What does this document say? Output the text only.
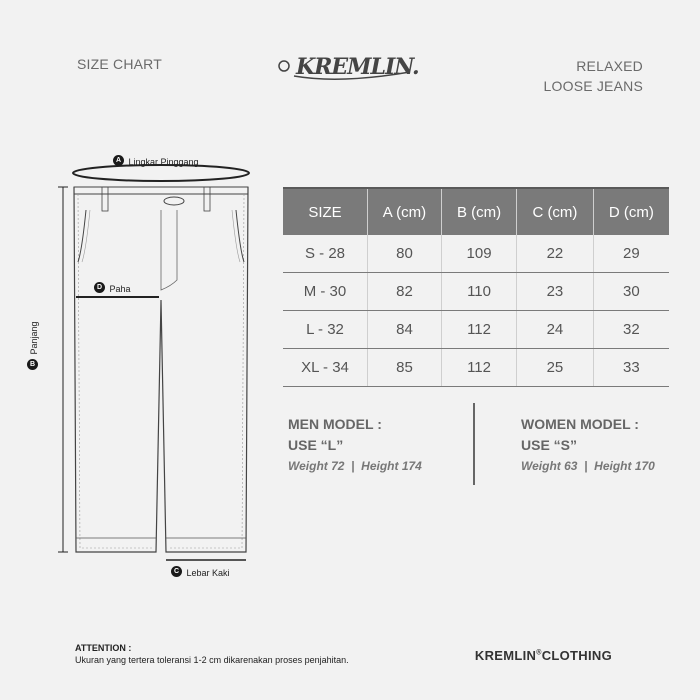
SIZE CHART	KREMLIN.	RELAXED
LOOSE JEANS
A Lingkar Pinggang
D Paha
B Panjang
C Lebar Kaki
SIZE	A (cm)	B (cm)	C (cm)	D (cm)
S - 28	80	109	22	29
M - 30	82	110	23	30
L - 32	84	112	24	32
XL - 34	85	112	25	33
MEN MODEL :
USE “L”
Weight 72  |  Height 174
WOMEN MODEL :
USE “S”
Weight 63  |  Height 170
ATTENTION :
Ukuran yang tertera toleransi 1-2 cm dikarenakan proses penjahitan.	KREMLIN®CLOTHING
